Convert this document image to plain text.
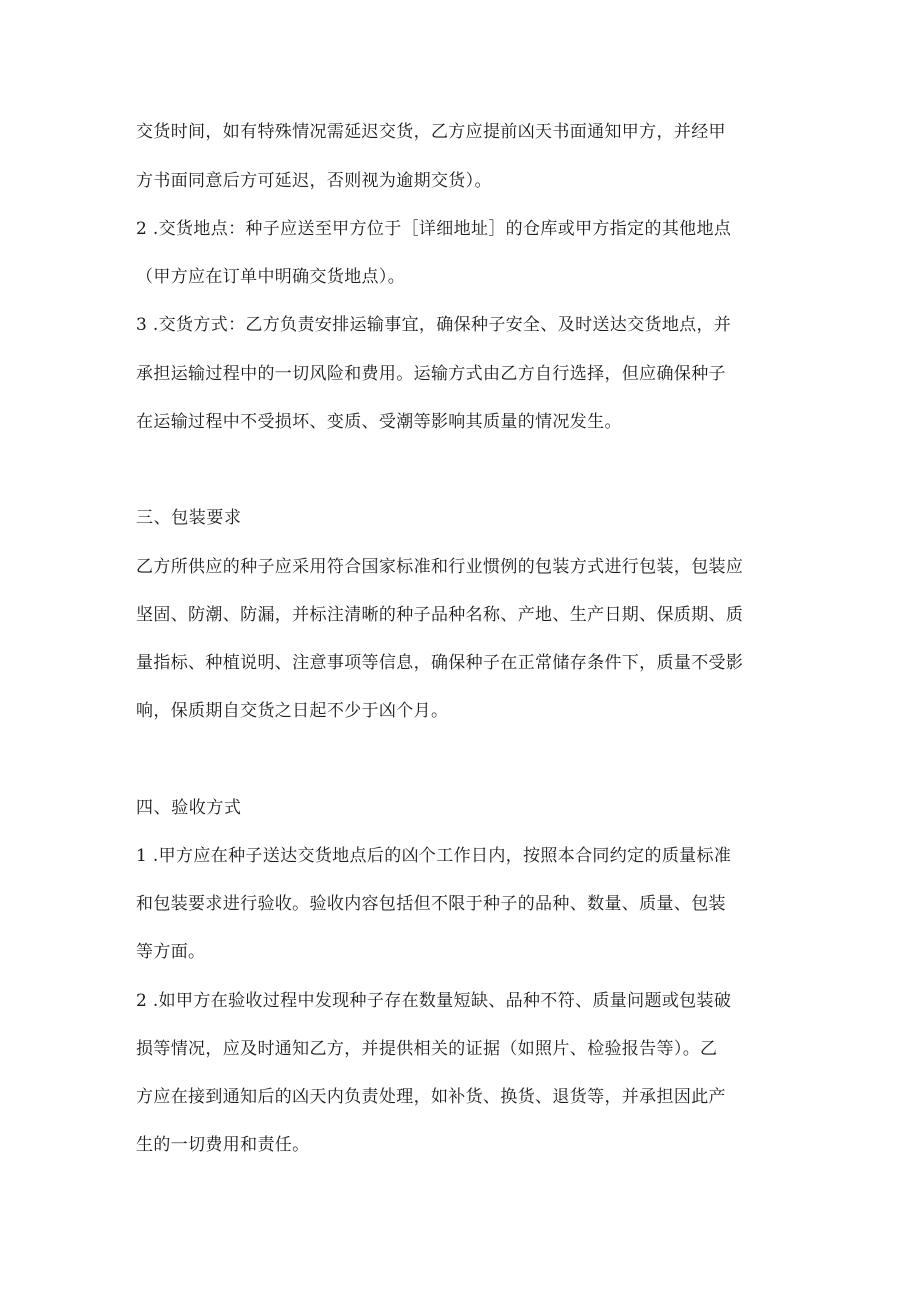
交货时间，如有特殊情况需延迟交货，乙方应提前凶天书面通知甲方，并经甲
方书面同意后方可延迟，否则视为逾期交货）。
2 .交货地点：种子应送至甲方位于［详细地址］的仓库或甲方指定的其他地点
（甲方应在订单中明确交货地点）。
3 .交货方式：乙方负责安排运输事宜，确保种子安全、及时送达交货地点，并
承担运输过程中的一切风险和费用。运输方式由乙方自行选择，但应确保种子
在运输过程中不受损坏、变质、受潮等影响其质量的情况发生。
三、包装要求
乙方所供应的种子应采用符合国家标准和行业惯例的包装方式进行包装，包装应
坚固、防潮、防漏，并标注清晰的种子品种名称、产地、生产日期、保质期、质
量指标、种植说明、注意事项等信息，确保种子在正常储存条件下，质量不受影
响，保质期自交货之日起不少于凶个月。
四、验收方式
1 .甲方应在种子送达交货地点后的凶个工作日内，按照本合同约定的质量标准
和包装要求进行验收。验收内容包括但不限于种子的品种、数量、质量、包装
等方面。
2 .如甲方在验收过程中发现种子存在数量短缺、品种不符、质量问题或包装破
损等情况，应及时通知乙方，并提供相关的证据（如照片、检验报告等）。乙
方应在接到通知后的凶天内负责处理，如补货、换货、退货等，并承担因此产
生的一切费用和责任。
